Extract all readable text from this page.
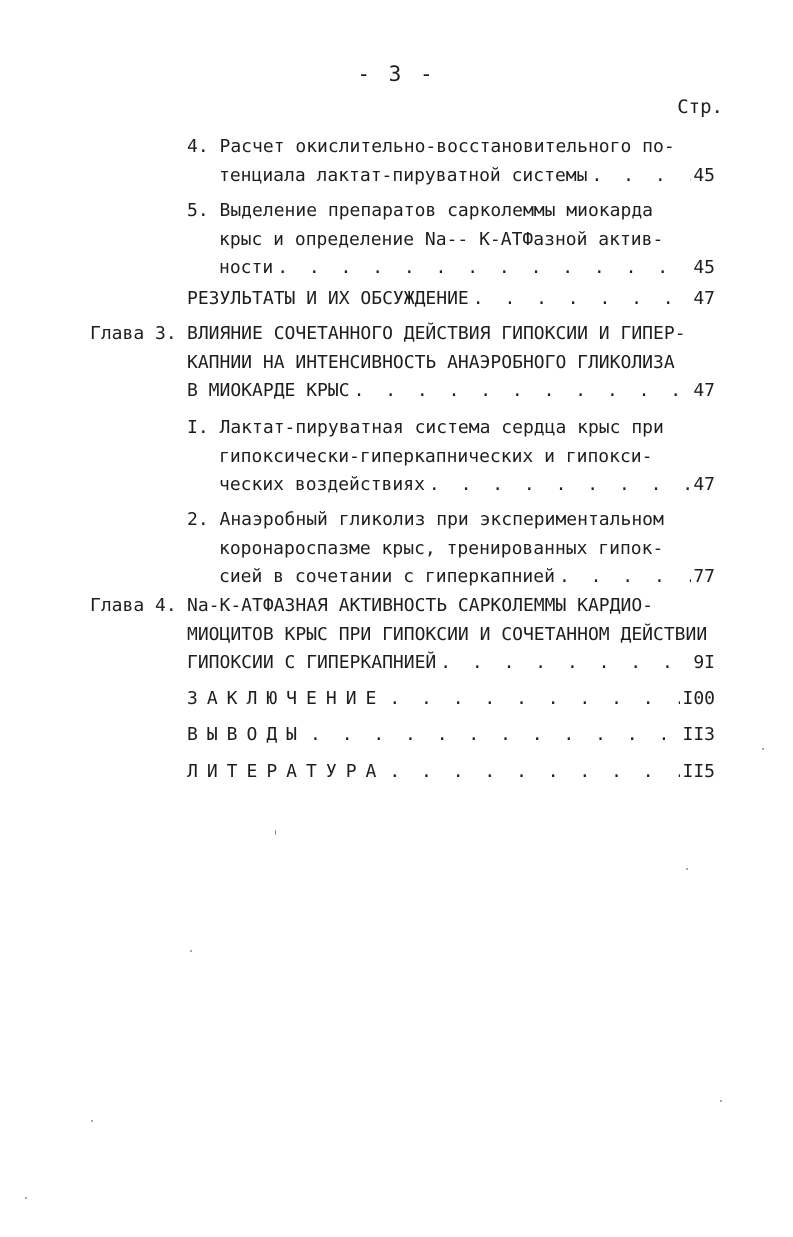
- 3 -
Стр.
4. Расчет окислительно-восстановительного по-
тенциала лактат-пируватной системы . . .	45
5. Выделение препаратов сарколеммы миокарда
крыс и определение Na-- K-АТФазной актив-
ности . . .	45
РЕЗУЛЬТАТЫ И ИХ ОБСУЖДЕНИЕ . . .	47
Глава 3. ВЛИЯНИЕ СОЧЕТАННОГО ДЕЙСТВИЯ ГИПОКСИИ И ГИПЕР-
КАПНИИ НА ИНТЕНСИВНОСТЬ АНАЭРОБНОГО ГЛИКОЛИЗА
В МИОКАРДЕ КРЫС . . .	47
I. Лактат-пируватная система сердца крыс при
гипоксически-гиперкапнических и гипокси-
ческих воздействиях . . .	47
2. Анаэробный гликолиз при экспериментальном
коронароспазме крыс, тренированных гипок-
сией в сочетании с гиперкапнией . . .	77
Глава 4. Na-K-АТФАЗНАЯ АКТИВНОСТЬ САРКОЛЕММЫ КАРДИО-
МИОЦИТОВ КРЫС ПРИ ГИПОКСИИ И СОЧЕТАННОМ ДЕЙСТВИИ
ГИПОКСИИ С ГИПЕРКАПНИЕЙ . . .	9I
ЗАКЛЮЧЕНИЕ . . .	I00
ВЫВОДЫ . . .	II3
ЛИТЕРАТУРА . . .	II5
